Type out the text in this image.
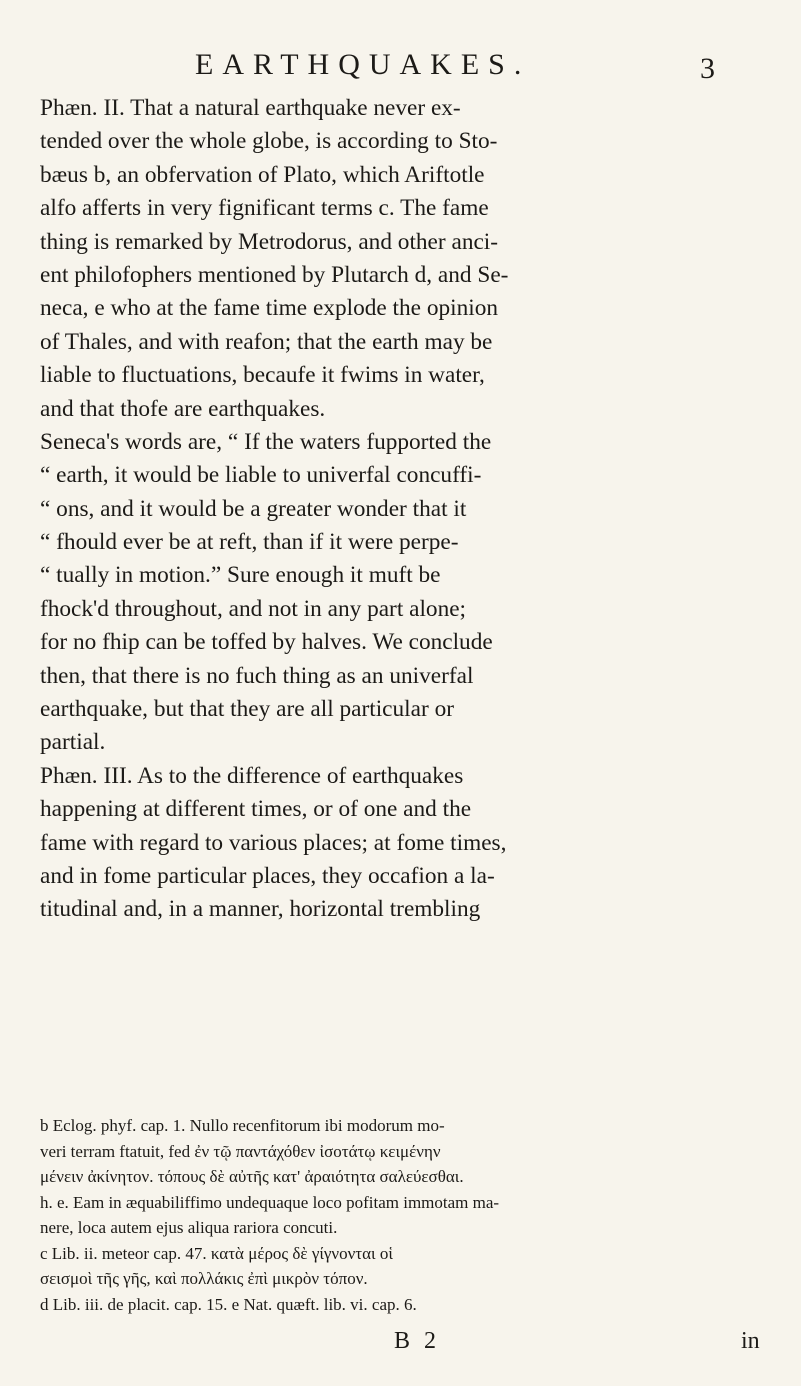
EARTHQUAKES.	3
Phæn. II. That a natural earthquake never ex-
tended over the whole globe, is according to Sto-
bæus b, an obfervation of Plato, which Ariftotle
alfo afferts in very fignificant terms c. The fame
thing is remarked by Metrodorus, and other anci-
ent philofophers mentioned by Plutarch d, and Se-
neca, e who at the fame time explode the opinion
of Thales, and with reafon; that the earth may be
liable to fluctuations, becaufe it fwims in water,
and that thofe are earthquakes.
Seneca's words are, “ If the waters fupported the
“ earth, it would be liable to univerfal concuffi-
“ ons, and it would be a greater wonder that it
“ fhould ever be at reft, than if it were perpe-
“ tually in motion.” Sure enough it muft be
fhock'd throughout, and not in any part alone;
for no fhip can be toffed by halves. We conclude
then, that there is no fuch thing as an univerfal
earthquake, but that they are all particular or
partial.
Phæn. III. As to the difference of earthquakes
happening at different times, or of one and the
fame with regard to various places; at fome times,
and in fome particular places, they occafion a la-
titudinal and, in a manner, horizontal trembling
b Eclog. phyf. cap. 1. Nullo recenfitorum ibi modorum mo-
veri terram ftatuit, fed ἐν τῷ παντάχόθεν ἰσοτάτῳ κειμένην
μένειν ἀκίνητον. τόπους δὲ αὐτῆς κατ' ἀραιότητα σαλεύεσθαι.
h. e. Eam in æquabiliffimo undequaque loco pofitam immotam ma-
nere, loca autem ejus aliqua rariora concuti.
c Lib. ii. meteor cap. 47. κατὰ μέρος δὲ γίγνονται οἱ
σεισμοὶ τῆς γῆς, καὶ πολλάκις ἐπὶ μικρὸν τόπον.
d Lib. iii. de placit. cap. 15. e Nat. quæft. lib. vi. cap. 6.
B 2	in
